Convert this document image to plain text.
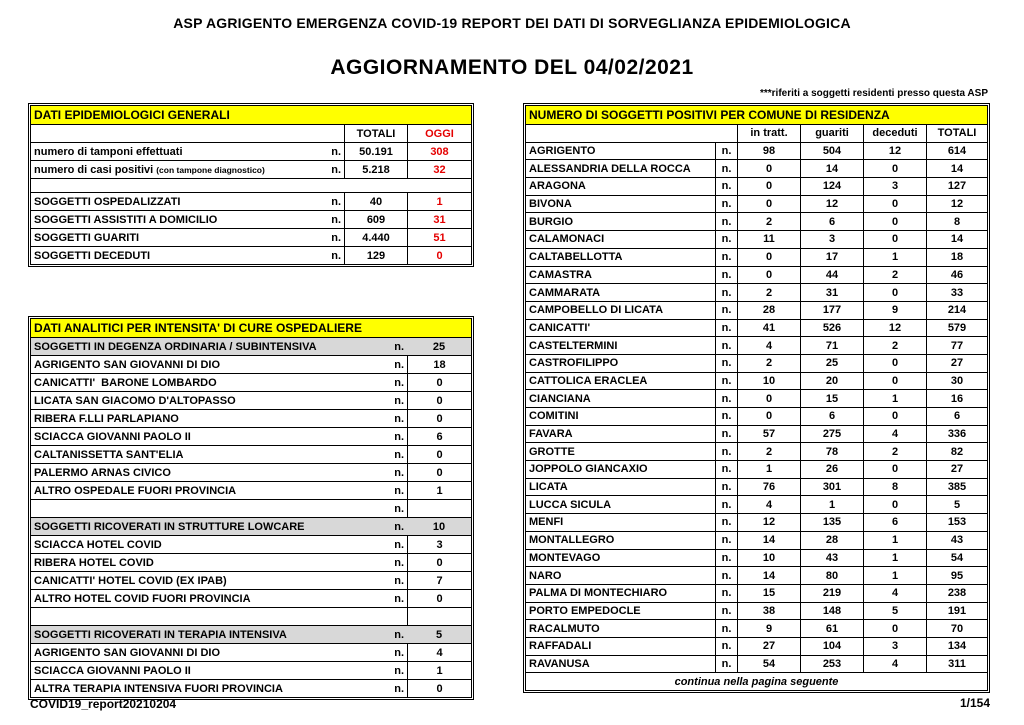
ASP AGRIGENTO EMERGENZA COVID-19 REPORT DEI DATI DI SORVEGLIANZA EPIDEMIOLOGICA
AGGIORNAMENTO DEL 04/02/2021
***riferiti a soggetti residenti presso questa ASP
DATI EPIDEMIOLOGICI GENERALI
TOTALI	OGGI
numero di tamponi effettuati	n.	50.191	308
numero di casi positivi (con tampone diagnostico)	n.	5.218	32
SOGGETTI OSPEDALIZZATI	n.	40	1
SOGGETTI ASSISTITI A DOMICILIO	n.	609	31
SOGGETTI GUARITI	n.	4.440	51
SOGGETTI DECEDUTI	n.	129	0
DATI ANALITICI PER INTENSITA' DI CURE OSPEDALIERE
SOGGETTI IN DEGENZA ORDINARIA / SUBINTENSIVA	n.	25
AGRIGENTO SAN GIOVANNI DI DIO	n.	18
CANICATTI'  BARONE LOMBARDO	n.	0
LICATA SAN GIACOMO D'ALTOPASSO	n.	0
RIBERA F.LLI PARLAPIANO	n.	0
SCIACCA GIOVANNI PAOLO II	n.	6
CALTANISSETTA SANT'ELIA	n.	0
PALERMO ARNAS CIVICO	n.	0
ALTRO OSPEDALE FUORI PROVINCIA	n.	1
n.
SOGGETTI RICOVERATI IN STRUTTURE LOWCARE	n.	10
SCIACCA HOTEL COVID	n.	3
RIBERA HOTEL COVID	n.	0
CANICATTI' HOTEL COVID (EX IPAB)	n.	7
ALTRO HOTEL COVID FUORI PROVINCIA	n.	0
SOGGETTI RICOVERATI IN TERAPIA INTENSIVA	n.	5
AGRIGENTO SAN GIOVANNI DI DIO	n.	4
SCIACCA GIOVANNI PAOLO II	n.	1
ALTRA TERAPIA INTENSIVA FUORI PROVINCIA	n.	0
NUMERO DI SOGGETTI POSITIVI PER COMUNE DI RESIDENZA
in tratt.	guariti	deceduti	TOTALI
AGRIGENTO	n.	98	504	12	614
ALESSANDRIA DELLA ROCCA	n.	0	14	0	14
ARAGONA	n.	0	124	3	127
BIVONA	n.	0	12	0	12
BURGIO	n.	2	6	0	8
CALAMONACI	n.	11	3	0	14
CALTABELLOTTA	n.	0	17	1	18
CAMASTRA	n.	0	44	2	46
CAMMARATA	n.	2	31	0	33
CAMPOBELLO DI LICATA	n.	28	177	9	214
CANICATTI'	n.	41	526	12	579
CASTELTERMINI	n.	4	71	2	77
CASTROFILIPPO	n.	2	25	0	27
CATTOLICA ERACLEA	n.	10	20	0	30
CIANCIANA	n.	0	15	1	16
COMITINI	n.	0	6	0	6
FAVARA	n.	57	275	4	336
GROTTE	n.	2	78	2	82
JOPPOLO GIANCAXIO	n.	1	26	0	27
LICATA	n.	76	301	8	385
LUCCA SICULA	n.	4	1	0	5
MENFI	n.	12	135	6	153
MONTALLEGRO	n.	14	28	1	43
MONTEVAGO	n.	10	43	1	54
NARO	n.	14	80	1	95
PALMA DI MONTECHIARO	n.	15	219	4	238
PORTO EMPEDOCLE	n.	38	148	5	191
RACALMUTO	n.	9	61	0	70
RAFFADALI	n.	27	104	3	134
RAVANUSA	n.	54	253	4	311
continua nella pagina seguente
COVID19_report20210204	1/154
